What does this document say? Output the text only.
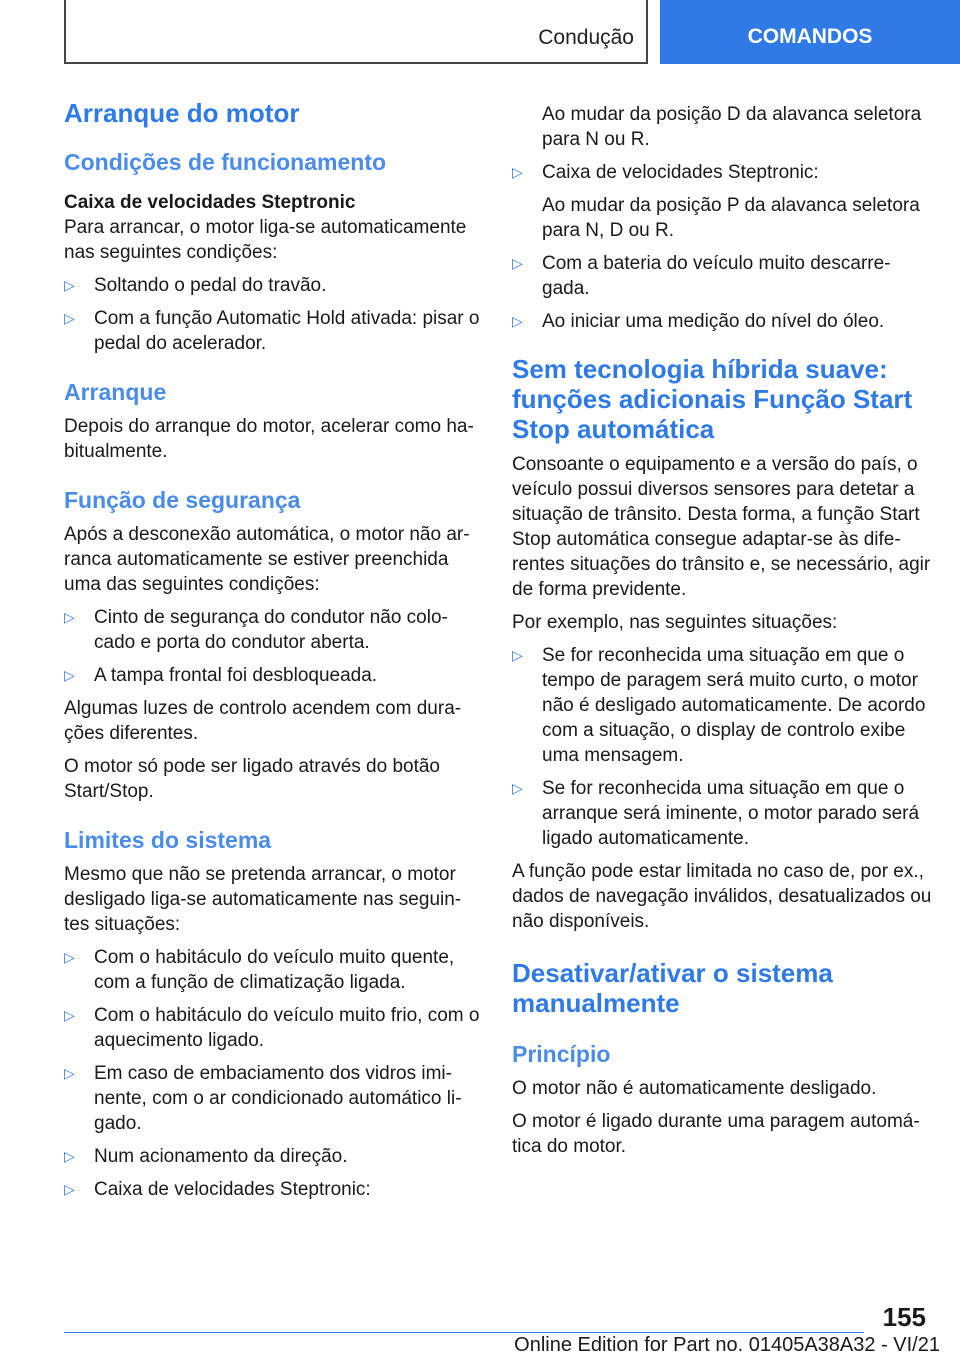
Condução	COMANDOS
Arranque do motor
Condições de funcionamento
Caixa de velocidades Steptronic

Para arrancar, o motor liga-se automaticamente nas seguintes condições:

▷ Soltando o pedal do travão.
▷ Com a função Automatic Hold ativada: pisar o pedal do acelerador.
Arranque

Depois do arranque do motor, acelerar como ha-bitualmente.

Função de segurança

Após a desconexão automática, o motor não ar-ranca automaticamente se estiver preenchida uma das seguintes condições:

▷ Cinto de segurança do condutor não colo-cado e porta do condutor aberta.
▷ A tampa frontal foi desbloqueada.

Algumas luzes de controlo acendem com dura-ções diferentes.

O motor só pode ser ligado através do botão Start/Stop.

Limites do sistema

Mesmo que não se pretenda arrancar, o motor desligado liga-se automaticamente nas seguin-tes situações:

▷ Com o habitáculo do veículo muito quente, com a função de climatização ligada.
▷ Com o habitáculo do veículo muito frio, com o aquecimento ligado.
▷ Em caso de embaciamento dos vidros imi-nente, com o ar condicionado automático li-gado.
▷ Num acionamento da direção.
▷ Caixa de velocidades Steptronic:

Ao mudar da posição D da alavanca seletora para N ou R.

▷ Caixa de velocidades Steptronic:
Ao mudar da posição P da alavanca seletora para N, D ou R.
▷ Com a bateria do veículo muito descarre-gada.
▷ Ao iniciar uma medição do nível do óleo.
Sem tecnologia híbrida suave: funções adicionais Função Start Stop automática

Consoante o equipamento e a versão do país, o veículo possui diversos sensores para detetar a situação de trânsito. Desta forma, a função Start Stop automática consegue adaptar-se às dife-rentes situações do trânsito e, se necessário, agir de forma previdente.

Por exemplo, nas seguintes situações:

▷ Se for reconhecida uma situação em que o tempo de paragem será muito curto, o motor não é desligado automaticamente. De acordo com a situação, o display de controlo exibe uma mensagem.
▷ Se for reconhecida uma situação em que o arranque será iminente, o motor parado será ligado automaticamente.

A função pode estar limitada no caso de, por ex., dados de navegação inválidos, desatualizados ou não disponíveis.

Desativar/ativar o sistema manualmente
Princípio

O motor não é automaticamente desligado.

O motor é ligado durante uma paragem automá-tica do motor.

155
Online Edition for Part no. 01405A38A32 - VI/21
